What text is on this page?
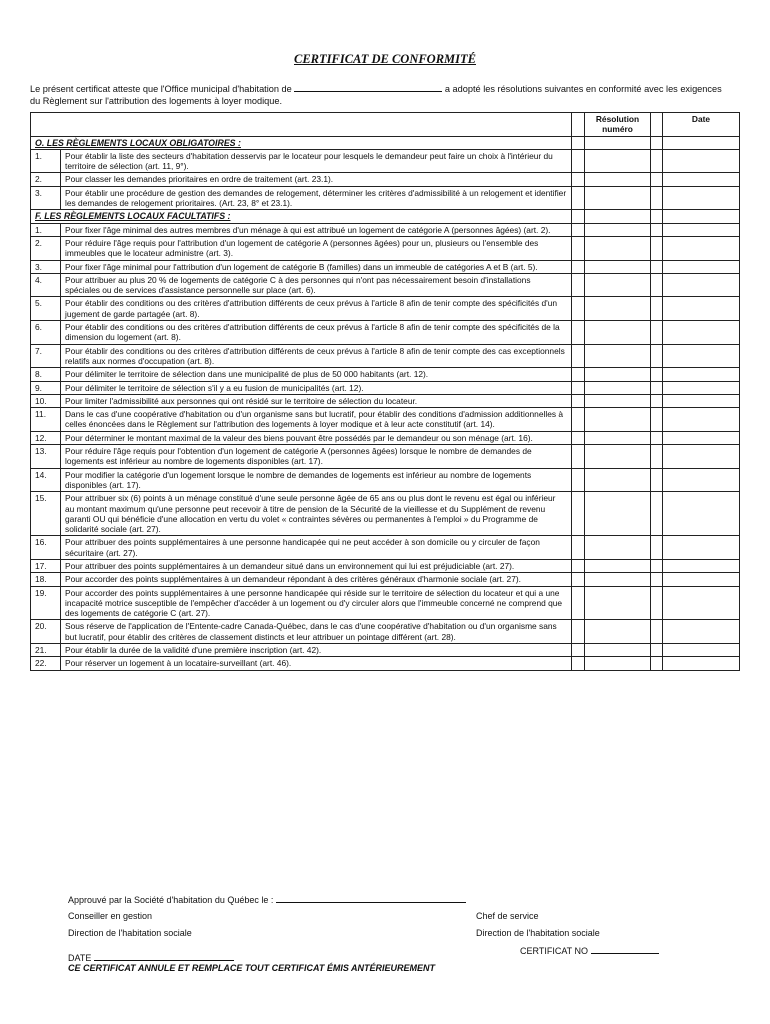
CERTIFICAT DE CONFORMITÉ
Le présent certificat atteste que l'Office municipal d'habitation de	a adopté les résolutions suivantes en conformité avec les exigences du Règlement sur l'attribution des logements à loyer modique.
			Résolution numéro		Date
O. LES RÈGLEMENTS LOCAUX OBLIGATOIRES :					
1.	Pour établir la liste des secteurs d'habitation desservis par le locateur pour lesquels le demandeur peut faire un choix à l'intérieur du territoire de sélection (art. 11, 9°).				
2.	Pour classer les demandes prioritaires en ordre de traitement (art. 23.1).				
3.	Pour établir une procédure de gestion des demandes de relogement, déterminer les critères d'admissibilité à un relogement et identifier les demandes de relogement prioritaires. (Art. 23, 8° et 23.1).				
F. LES RÈGLEMENTS LOCAUX FACULTATIFS :					
1.	Pour fixer l'âge minimal des autres membres d'un ménage à qui est attribué un logement de catégorie A (personnes âgées) (art. 2).				
2.	Pour réduire l'âge requis pour l'attribution d'un logement de catégorie A (personnes âgées) pour un, plusieurs ou l'ensemble des immeubles que le locateur administre (art. 3).				
3.	Pour fixer l'âge minimal pour l'attribution d'un logement de catégorie B (familles) dans un immeuble de catégories A et B (art. 5).				
4.	Pour attribuer au plus 20 % de logements de catégorie C à des personnes qui n'ont pas nécessairement besoin d'installations spéciales ou de services d'assistance personnelle sur place (art. 6).				
5.	Pour établir des conditions ou des critères d'attribution différents de ceux prévus à l'article 8 afin de tenir compte des spécificités d'un jugement de garde partagée (art. 8).				
6.	Pour établir des conditions ou des critères d'attribution différents de ceux prévus à l'article 8 afin de tenir compte des spécificités de la dimension du logement (art. 8).				
7.	Pour établir des conditions ou des critères d'attribution différents de ceux prévus à l'article 8 afin de tenir compte des cas exceptionnels relatifs aux normes d'occupation (art. 8).				
8.	Pour délimiter le territoire de sélection dans une municipalité de plus de 50 000 habitants (art. 12).				
9.	Pour délimiter le territoire de sélection s'il y a eu fusion de municipalités (art. 12).				
10.	Pour limiter l'admissibilité aux personnes qui ont résidé sur le territoire de sélection du locateur.				
11.	Dans le cas d'une coopérative d'habitation ou d'un organisme sans but lucratif, pour établir des conditions d'admission additionnelles à celles énoncées dans le Règlement sur l'attribution des logements à loyer modique et à leur acte constitutif (art. 14).				
12.	Pour déterminer le montant maximal de la valeur des biens pouvant être possédés par le demandeur ou son ménage (art. 16).				
13.	Pour réduire l'âge requis pour l'obtention d'un logement de catégorie A (personnes âgées) lorsque le nombre de demandes de logements est inférieur au nombre de logements disponibles (art. 17).				
14.	Pour modifier la catégorie d'un logement lorsque le nombre de demandes de logements est inférieur au nombre de logements disponibles (art. 17).				
15.	Pour attribuer six (6) points à un ménage constitué d'une seule personne âgée de 65 ans ou plus dont le revenu est égal ou inférieur au montant maximum qu'une personne peut recevoir à titre de pension de la Sécurité de la vieillesse et du Supplément de revenu garanti OU qui bénéficie d'une allocation en vertu du volet « contraintes sévères ou permanentes à l'emploi » du Programme de solidarité sociale (art. 27).				
16.	Pour attribuer des points supplémentaires à une personne handicapée qui ne peut accéder à son domicile ou y circuler de façon sécuritaire (art. 27).				
17.	Pour attribuer des points supplémentaires à un demandeur situé dans un environnement qui lui est préjudiciable (art. 27).				
18.	Pour accorder des points supplémentaires à un demandeur répondant à des critères généraux d'harmonie sociale (art. 27).				
19.	Pour accorder des points supplémentaires à une personne handicapée qui réside sur le territoire de sélection du locateur et qui a une incapacité motrice susceptible de l'empêcher d'accéder à un logement ou d'y circuler alors que l'immeuble concerné ne comprend que des logements de catégorie C (art. 27).				
20.	Sous réserve de l'application de l'Entente-cadre Canada-Québec, dans le cas d'une coopérative d'habitation ou d'un organisme sans but lucratif, pour établir des critères de classement distincts et leur attribuer un pointage différent (art. 28).				
21.	Pour établir la durée de la validité d'une première inscription (art. 42).				
22.	Pour réserver un logement à un locataire-surveillant (art. 46).				
Approuvé par la Société d'habitation du Québec le :
Conseiller en gestion
Direction de l'habitation sociale
Chef de service
Direction de l'habitation sociale
CERTIFICAT NO
DATE
CE CERTIFICAT ANNULE ET REMPLACE TOUT CERTIFICAT ÉMIS ANTÉRIEUREMENT
